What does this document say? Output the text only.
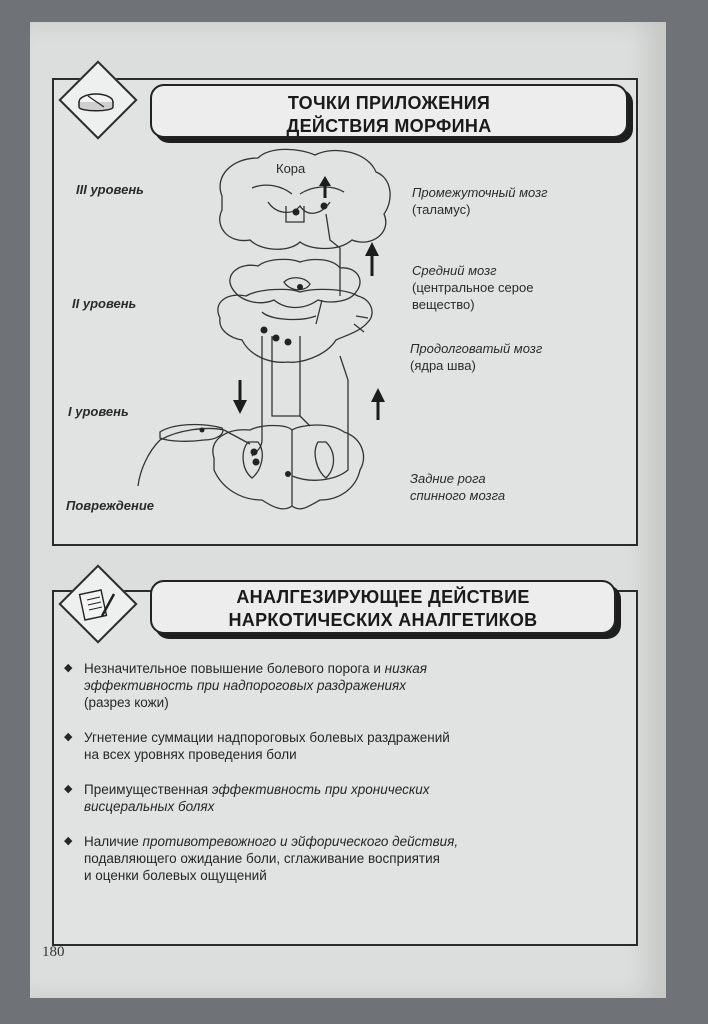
ТОЧКИ ПРИЛОЖЕНИЯ
ДЕЙСТВИЯ МОРФИНА
III уровень
II уровень
I уровень
Повреждение
Кора
Промежуточный мозг
(таламус)
Средний мозг
(центральное серое
вещество)
Продолговатый мозг
(ядра шва)
Задние рога
спинного мозга
АНАЛГЕЗИРУЮЩЕЕ ДЕЙСТВИЕ
НАРКОТИЧЕСКИХ АНАЛГЕТИКОВ
◆ Незначительное повышение болевого порога и низкая
эффективность при надпороговых раздражениях
(разрез кожи)
◆ Угнетение суммации надпороговых болевых раздражений
на всех уровнях проведения боли
◆ Преимущественная эффективность при хронических
висцеральных болях
◆ Наличие противотревожного и эйфорического действия,
подавляющего ожидание боли, сглаживание восприятия
и оценки болевых ощущений
180
